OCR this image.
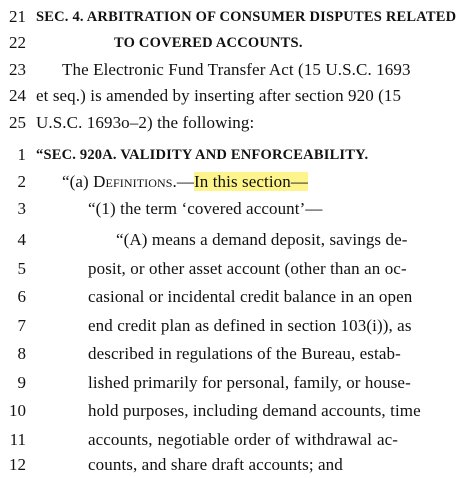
21 SEC. 4. ARBITRATION OF CONSUMER DISPUTES RELATED
22	TO COVERED ACCOUNTS.
23 The Electronic Fund Transfer Act (15 U.S.C. 1693
24 et seq.) is amended by inserting after section 920 (15
25 U.S.C. 1693o–2) the following:
1 “SEC. 920A. VALIDITY AND ENFORCEABILITY.
2 “(a) Definitions.—In this section—
3	“(1) the term ‘covered account’—
4	“(A) means a demand deposit, savings de-
5	posit, or other asset account (other than an oc-
6	casional or incidental credit balance in an open
7	end credit plan as defined in section 103(i)), as
8	described in regulations of the Bureau, estab-
9	lished primarily for personal, family, or house-
10	hold purposes, including demand accounts, time
11	accounts, negotiable order of withdrawal ac-
12	counts, and share draft accounts; and
